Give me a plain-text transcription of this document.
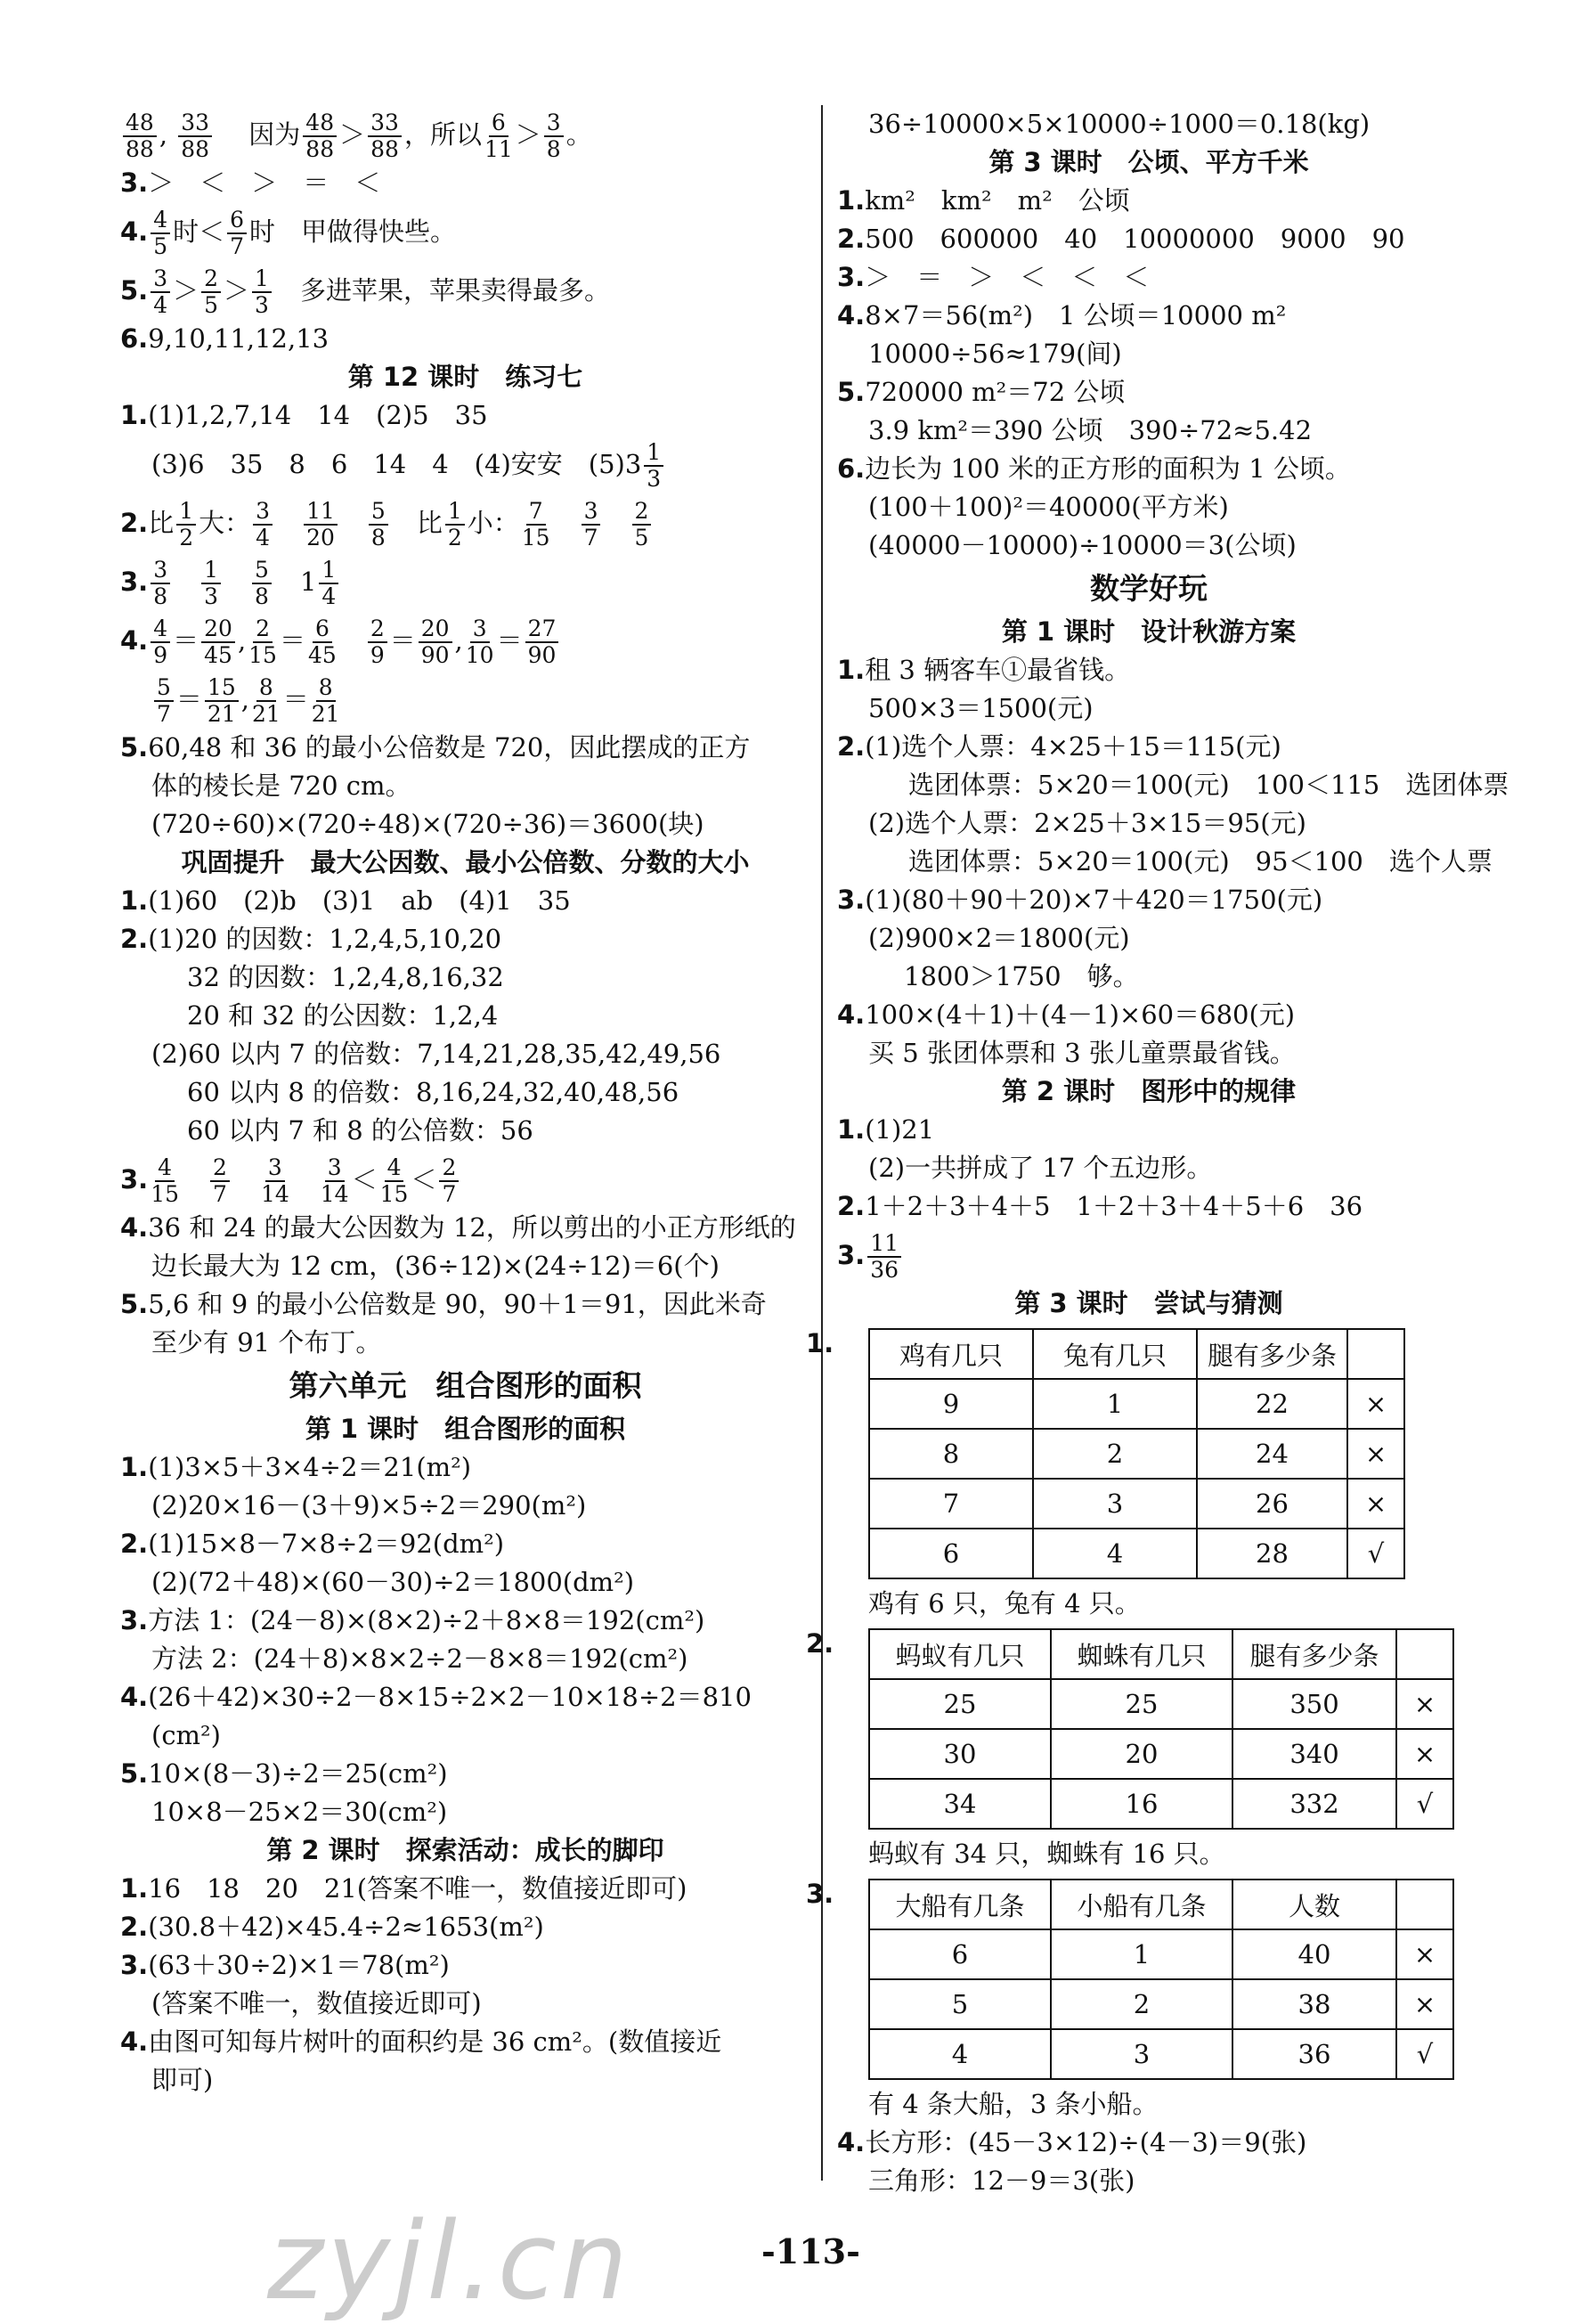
$\frac{48}{88}$ , $\frac{33}{88}$
　 因为 $\frac{48}{88} > \frac{33}{88}$ ，所以 $\frac{6}{11} > \frac{3}{8}$ 。
3.＞　＜　＞　＝　＜
4. $\frac{4}{5}$ 时＜ $\frac{6}{7}$ 时　甲做得快些。
5. $\frac{3}{4} > \frac{2}{5} > \frac{1}{3}$
　 多进苹果，苹果卖得最多。
6.9,10,11,12,13
第 12 课时　练习七
1.(1)1,2,7,14　14　(2)5　35
(3)6　35　8　6　14　4　(4)安安　$(5)3 \frac{1}{3}$
2.比 $\frac{1}{2}$ 大： $\frac{3}{4}$
　 $\frac{11}{20}$
　 $\frac{5}{8}$
　 比 $\frac{1}{2}$ 小： $\frac{7}{15}$
　 $\frac{3}{7}$
　 $\frac{2}{5}$
3. $\frac{3}{8}$
　 $\frac{1}{3}$
　 $\frac{5}{8}$
　 $1 \frac{1}{4}$
4. $\frac{4}{9} = \frac{20}{45}$ , $\frac{2}{15} = \frac{6}{45}$
　 $\frac{2}{9} = \frac{20}{90}$ , $\frac{3}{10} = \frac{27}{90}$
$\frac{5}{7} = \frac{15}{21}$ , $\frac{8}{21} = \frac{8}{21}$
5.60,48 和 36 的最小公倍数是 720，因此摆成的正方
体的棱长是 720 cm。
(720÷60)×(720÷48)×(720÷36)＝3600(块)
巩固提升　最大公因数、最小公倍数、分数的大小
1.(1)60　(2)b　(3)1　ab　(4)1　35
2.(1)20 的因数：1,2,4,5,10,20
32 的因数：1,2,4,8,16,32
20 和 32 的公因数：1,2,4
(2)60 以内 7 的倍数：7,14,21,28,35,42,49,56
60 以内 8 的倍数：8,16,24,32,40,48,56
60 以内 7 和 8 的公倍数：56
3. $\frac{4}{15}$
　 $\frac{2}{7}$
　 $\frac{3}{14}$
　 $\frac{3}{14} < \frac{4}{15} < \frac{2}{7}$
4.36 和 24 的最大公因数为 12，所以剪出的小正方形纸的
边长最大为 12 cm，(36÷12)×(24÷12)＝6(个)
5.5,6 和 9 的最小公倍数是 90，90＋1＝91，因此米奇
至少有 91 个布丁。
第六单元　组合图形的面积
第 1 课时　组合图形的面积
1.(1)3×5＋3×4÷2＝21(m²)
(2)20×16－(3＋9)×5÷2＝290(m²)
2.(1)15×8－7×8÷2＝92(dm²)
(2)(72＋48)×(60－30)÷2＝1800(dm²)
3.方法 1：(24－8)×(8×2)÷2＋8×8＝192(cm²)
方法 2：(24＋8)×8×2÷2－8×8＝192(cm²)
4.(26＋42)×30÷2－8×15÷2×2－10×18÷2＝810
(cm²)
5.10×(8－3)÷2＝25(cm²)
10×8－25×2＝30(cm²)
第 2 课时　探索活动：成长的脚印
1.16　18　20　21(答案不唯一，数值接近即可)
2.(30.8＋42)×45.4÷2≈1653(m²)
3.(63＋30÷2)×1＝78(m²)
(答案不唯一，数值接近即可)
4.由图可知每片树叶的面积约是 36 cm²。(数值接近
即可)
36÷10000×5×10000÷1000＝0.18(kg)
第 3 课时　公顷、平方千米
1.km²　km²　m²　公顷
2.500　600000　40　10000000　9000　90
3.＞　＝　＞　＜　＜　＜
4.8×7＝56(m²)　1 公顷＝10000 m²
10000÷56≈179(间)
5.720000 m²＝72 公顷
3.9 km²＝390 公顷　390÷72≈5.42
6.边长为 100 米的正方形的面积为 1 公顷。
(100＋100)²＝40000(平方米)
(40000－10000)÷10000＝3(公顷)
数学好玩
第 1 课时　设计秋游方案
1.租 3 辆客车①最省钱。
500×3＝1500(元)
2.(1)选个人票：4×25＋15＝115(元)
选团体票：5×20＝100(元)　100＜115　选团体票
(2)选个人票：2×25＋3×15＝95(元)
选团体票：5×20＝100(元)　95＜100　选个人票
3.(1)(80＋90＋20)×7＋420＝1750(元)
(2)900×2＝1800(元)
1800＞1750　够。
4.100×(4＋1)＋(4－1)×60＝680(元)
买 5 张团体票和 3 张儿童票最省钱。
第 2 课时　图形中的规律
1.(1)21
(2)一共拼成了 17 个五边形。
2.1＋2＋3＋4＋5　1＋2＋3＋4＋5＋6　36
3. $\frac{11}{36}$
第 3 课时　尝试与猜测
1.	鸡有几只	兔有几只	腿有多少条	
9	1	22	×
8	2	24	×
7	3	26	×
6	4	28	√
鸡有 6 只，兔有 4 只。
2. 蚂蚁有几只	蜘蛛有几只	腿有多少条	
25	25	350	×
30	20	340	×
34	16	332	√
蚂蚁有 34 只，蜘蛛有 16 只。
3. 大船有几条	小船有几条	人数	
6	1	40	×
5	2	38	×
4	3	36	√
有 4 条大船，3 条小船。
4.长方形：(45－3×12)÷(4－3)＝9(张)
三角形：12－9＝3(张)
zyjl.cn	-113-
